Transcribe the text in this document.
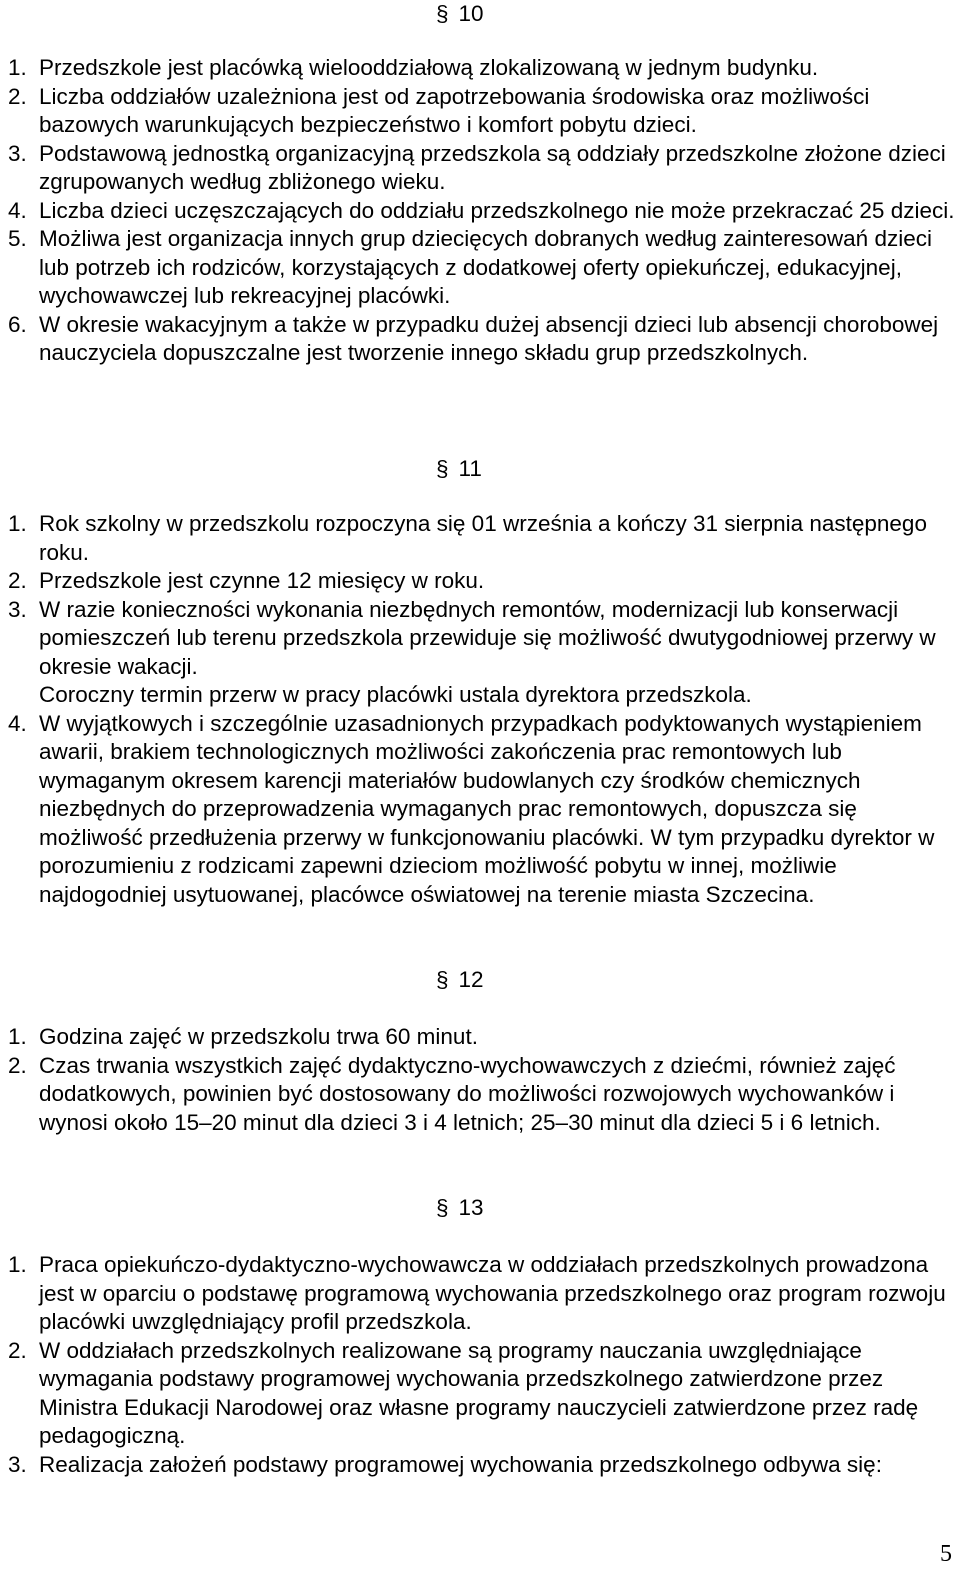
§ 10
1. Przedszkole jest placówką wielooddziałową zlokalizowaną w jednym budynku.
2. Liczba oddziałów uzależniona jest od zapotrzebowania środowiska oraz możliwości bazowych warunkujących bezpieczeństwo i komfort pobytu dzieci.
3. Podstawową jednostką organizacyjną przedszkola są oddziały przedszkolne złożone dzieci zgrupowanych według zbliżonego wieku.
4. Liczba dzieci uczęszczających do oddziału przedszkolnego nie może przekraczać 25 dzieci.
5. Możliwa jest organizacja innych grup dziecięcych dobranych według zainteresowań dzieci lub potrzeb ich rodziców, korzystających z dodatkowej oferty opiekuńczej, edukacyjnej, wychowawczej lub rekreacyjnej placówki.
6. W okresie wakacyjnym a także w przypadku dużej absencji dzieci lub absencji chorobowej nauczyciela dopuszczalne jest tworzenie innego składu grup przedszkolnych.
§ 11
1. Rok szkolny w przedszkolu rozpoczyna się 01 września a kończy 31 sierpnia następnego roku.
2. Przedszkole jest czynne 12 miesięcy w roku.
3. W razie konieczności wykonania niezbędnych remontów, modernizacji lub konserwacji pomieszczeń lub terenu przedszkola przewiduje się możliwość dwutygodniowej przerwy w okresie wakacji.
Coroczny termin przerw w pracy placówki ustala dyrektora przedszkola.
4. W wyjątkowych i szczególnie uzasadnionych przypadkach podyktowanych wystąpieniem awarii, brakiem technologicznych możliwości zakończenia prac remontowych lub wymaganym okresem karencji materiałów budowlanych czy środków chemicznych niezbędnych do przeprowadzenia wymaganych prac remontowych, dopuszcza się możliwość przedłużenia przerwy w funkcjonowaniu placówki. W tym przypadku dyrektor w porozumieniu z rodzicami zapewni dzieciom możliwość pobytu w innej, możliwie najdogodniej usytuowanej, placówce oświatowej na terenie miasta Szczecina.
§ 12
1. Godzina zajęć w przedszkolu trwa 60 minut.
2. Czas trwania wszystkich zajęć dydaktyczno-wychowawczych z dziećmi, również zajęć dodatkowych, powinien być dostosowany do możliwości rozwojowych wychowanków i wynosi około 15–20 minut dla dzieci 3 i 4 letnich; 25–30 minut dla dzieci 5 i 6 letnich.
§ 13
1. Praca opiekuńczo-dydaktyczno-wychowawcza w oddziałach przedszkolnych prowadzona jest w oparciu o podstawę programową wychowania przedszkolnego oraz program rozwoju placówki uwzględniający profil przedszkola.
2. W oddziałach przedszkolnych realizowane są programy nauczania uwzględniające wymagania podstawy programowej wychowania przedszkolnego zatwierdzone przez Ministra Edukacji Narodowej oraz własne programy nauczycieli zatwierdzone przez radę pedagogiczną.
3. Realizacja założeń podstawy programowej wychowania przedszkolnego odbywa się:
5
